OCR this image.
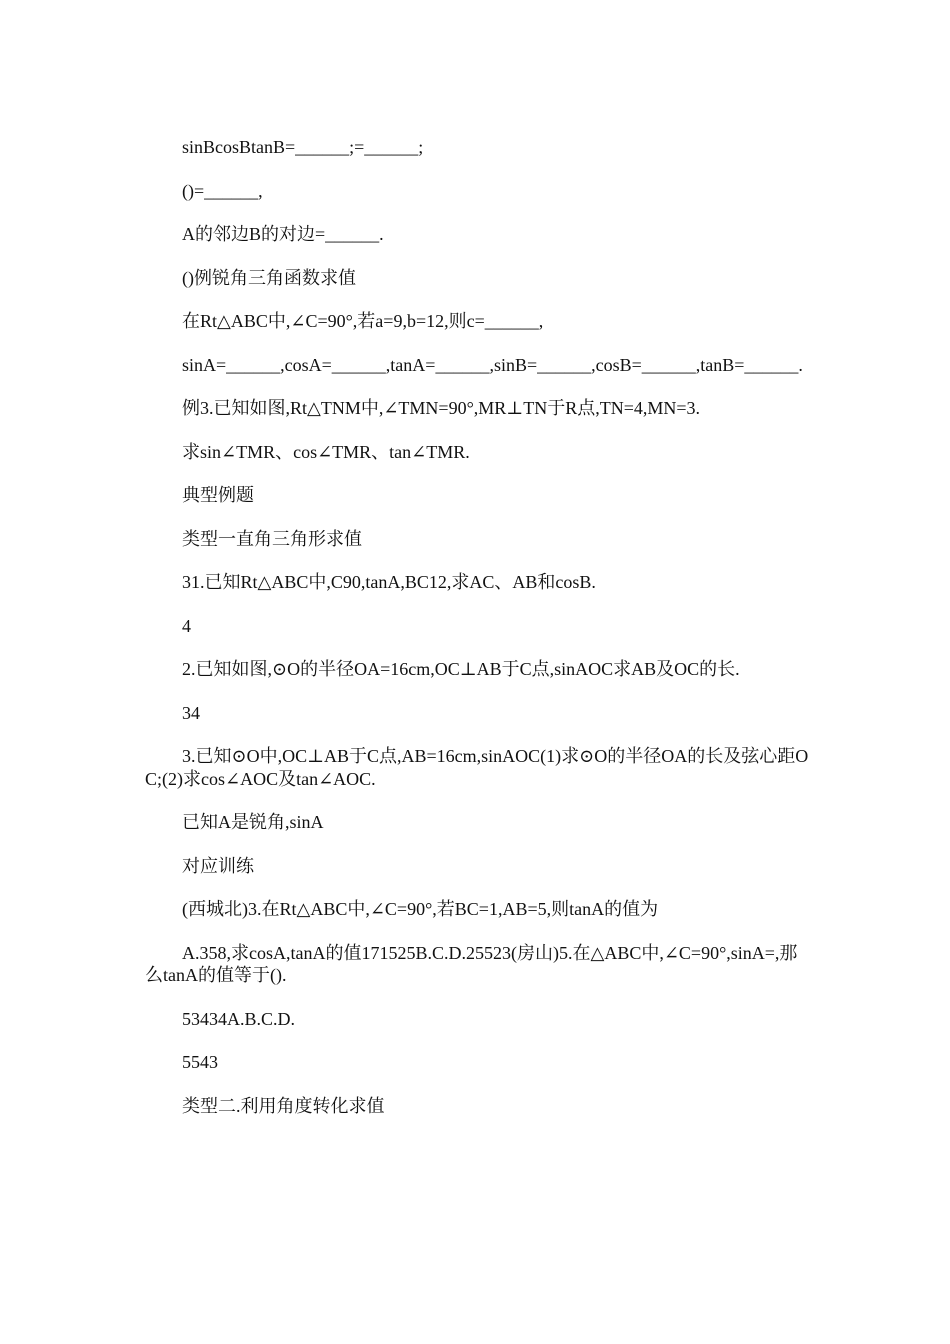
sinBcosBtanB=______;=______;

()=______,

A的邻边B的对边=______.

()例锐角三角函数求值

在Rt△ABC中,∠C=90°,若a=9,b=12,则c=______,

sinA=______,cosA=______,tanA=______,sinB=______,cosB=______,tanB=______.

例3.已知如图,Rt△TNM中,∠TMN=90°,MR⊥TN于R点,TN=4,MN=3.

求sin∠TMR、cos∠TMR、tan∠TMR.

典型例题

类型一直角三角形求值

31.已知Rt△ABC中,C90,tanA,BC12,求AC、AB和cosB.

4

2.已知如图,⊙O的半径OA=16cm,OC⊥AB于C点,sinAOC求AB及OC的长.

34

3.已知⊙O中,OC⊥AB于C点,AB=16cm,sinAOC(1)求⊙O的半径OA的长及弦心距OC;(2)求cos∠AOC及tan∠AOC.

已知A是锐角,sinA

对应训练

(西城北)3.在Rt△ABC中,∠C=90°,若BC=1,AB=5,则tanA的值为

A.358,求cosA,tanA的值171525B.C.D.25523(房山)5.在△ABC中,∠C=90°,sinA=,那么tanA的值等于().

53434A.B.C.D.

5543

类型二.利用角度转化求值
